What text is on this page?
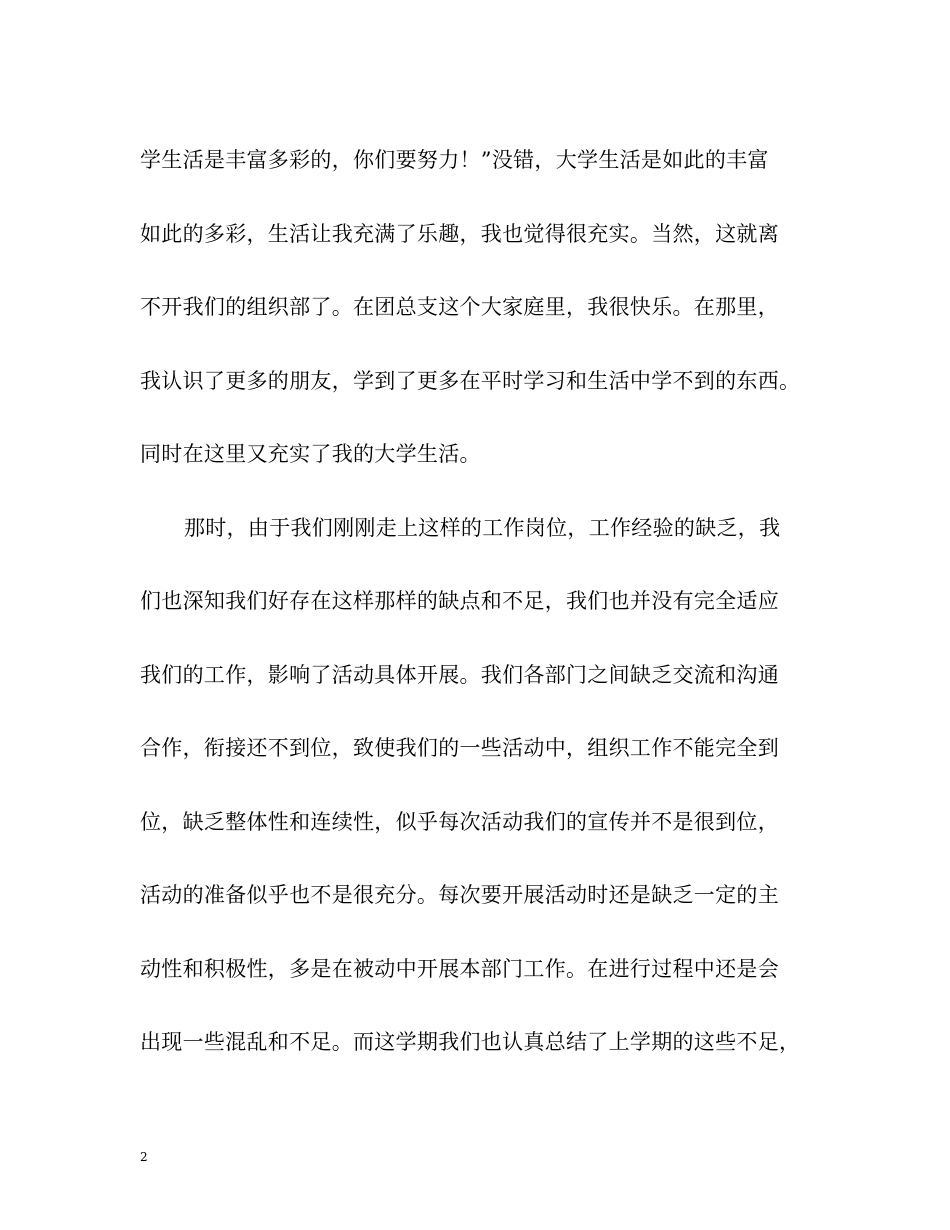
学生活是丰富多彩的，你们要努力！”没错，大学生活是如此的丰富
如此的多彩，生活让我充满了乐趣，我也觉得很充实。当然，这就离
不开我们的组织部了。在团总支这个大家庭里，我很快乐。在那里，
我认识了更多的朋友，学到了更多在平时学习和生活中学不到的东西。
同时在这里又充实了我的大学生活。
那时，由于我们刚刚走上这样的工作岗位，工作经验的缺乏，我
们也深知我们好存在这样那样的缺点和不足，我们也并没有完全适应
我们的工作，影响了活动具体开展。我们各部门之间缺乏交流和沟通
合作，衔接还不到位，致使我们的一些活动中，组织工作不能完全到
位，缺乏整体性和连续性，似乎每次活动我们的宣传并不是很到位，
活动的准备似乎也不是很充分。每次要开展活动时还是缺乏一定的主
动性和积极性，多是在被动中开展本部门工作。在进行过程中还是会
出现一些混乱和不足。而这学期我们也认真总结了上学期的这些不足，
2
